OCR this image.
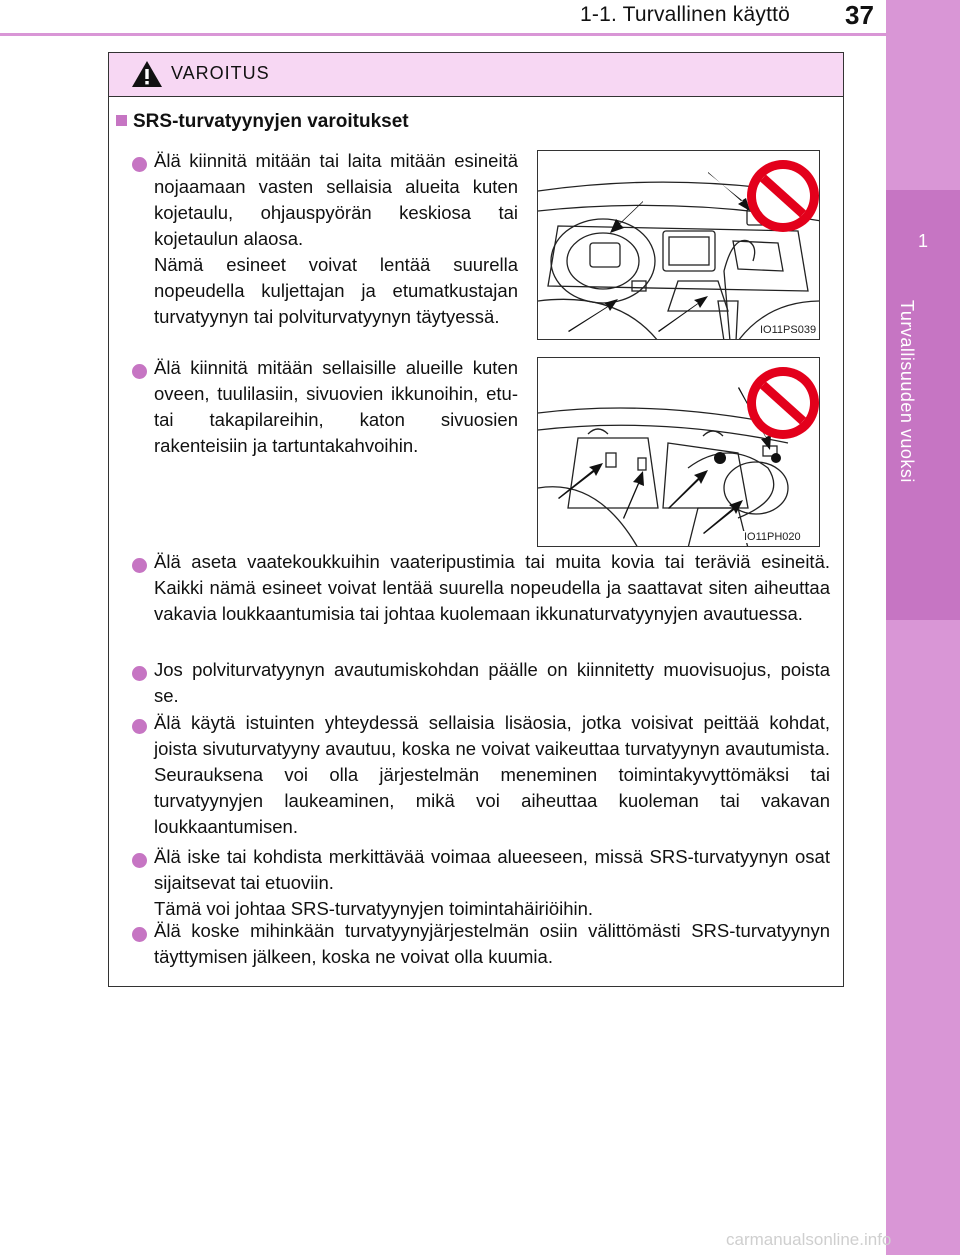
1-1. Turvallinen käyttö 37
1
Turvallisuuden vuoksi
VAROITUS
SRS-turvatyynyjen varoitukset
Älä kiinnitä mitään tai laita mitään esineitä nojaamaan vasten sellaisia alueita kuten kojetaulu, ohjauspyörän keskiosa tai kojetaulun alaosa.
Nämä esineet voivat lentää suurella nopeudella kuljettajan ja etumatkustajan turvatyynyn tai polviturvatyynyn täytyessä.
IO11PS039
Älä kiinnitä mitään sellaisille alueille kuten oveen, tuulilasiin, sivuovien ikkunoihin, etu- tai takapilareihin, katon sivuosien rakenteisiin ja tartuntakahvoihin.
IO11PH020
Älä aseta vaatekoukkuihin vaateripustimia tai muita kovia tai teräviä esineitä. Kaikki nämä esineet voivat lentää suurella nopeudella ja saattavat siten aiheuttaa vakavia loukkaantumisia tai johtaa kuolemaan ikkunaturvatyynyjen avautuessa.
Jos polviturvatyynyn avautumiskohdan päälle on kiinnitetty muovisuojus, poista se.
Älä käytä istuinten yhteydessä sellaisia lisäosia, jotka voisivat peittää kohdat, joista sivuturvatyyny avautuu, koska ne voivat vaikeuttaa turvatyynyn avautumista. Seurauksena voi olla järjestelmän meneminen toimintakyvyttömäksi tai turvatyynyjen laukeaminen, mikä voi aiheuttaa kuoleman tai vakavan loukkaantumisen.
Älä iske tai kohdista merkittävää voimaa alueeseen, missä SRS-turvatyynyn osat sijaitsevat tai etuoviin.
Tämä voi johtaa SRS-turvatyynyjen toimintahäiriöihin.
Älä koske mihinkään turvatyynyjärjestelmän osiin välittömästi SRS-turvatyynyn täyttymisen jälkeen, koska ne voivat olla kuumia.
carmanualsonline.info
